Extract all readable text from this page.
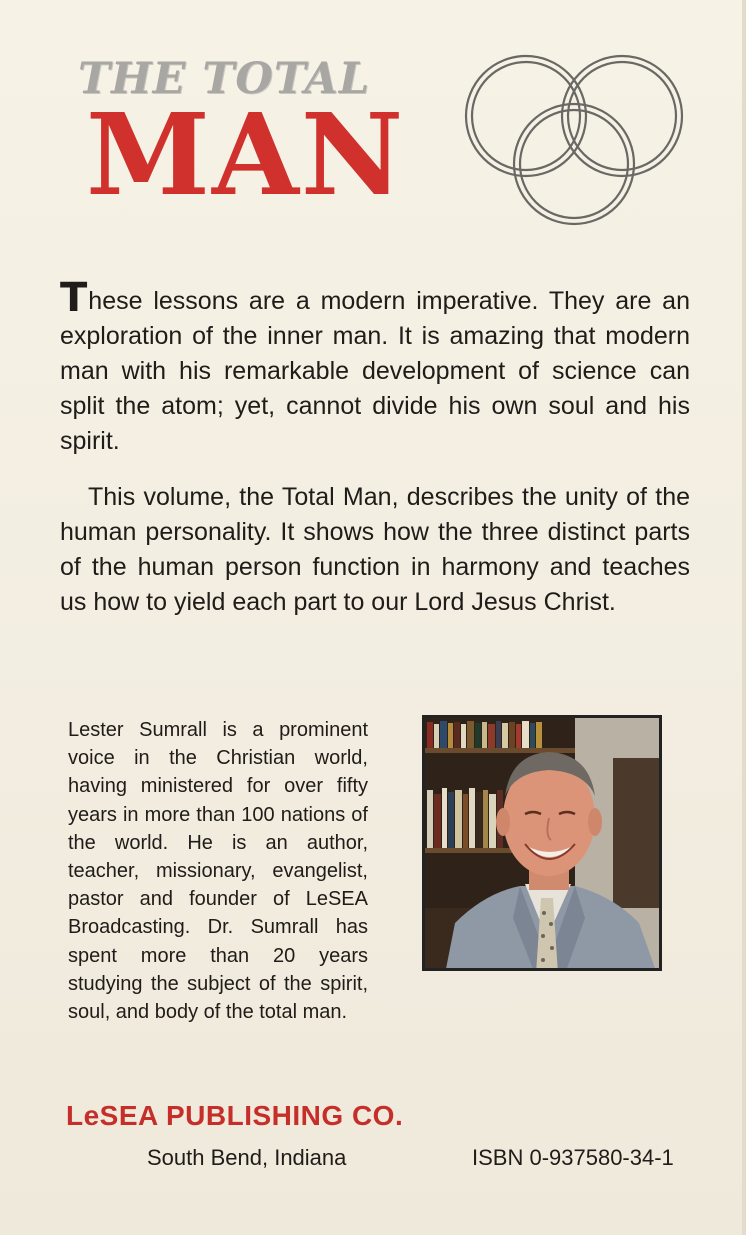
THE TOTAL
MAN

These lessons are a modern imperative. They are an exploration of the inner man. It is amazing that modern man with his remarkable development of science can split the atom; yet, cannot divide his own soul and his spirit.

This volume, the Total Man, describes the unity of the human personality. It shows how the three distinct parts of the human person function in harmony and teaches us how to yield each part to our Lord Jesus Christ.

Lester Sumrall is a prominent voice in the Christian world, having ministered for over fifty years in more than 100 nations of the world. He is an author, teacher, missionary, evangelist, pastor and founder of LeSEA Broadcasting. Dr. Sumrall has spent more than 20 years studying the subject of the spirit, soul, and body of the total man.

LeSEA PUBLISHING CO.
South Bend, Indiana	ISBN 0-937580-34-1
